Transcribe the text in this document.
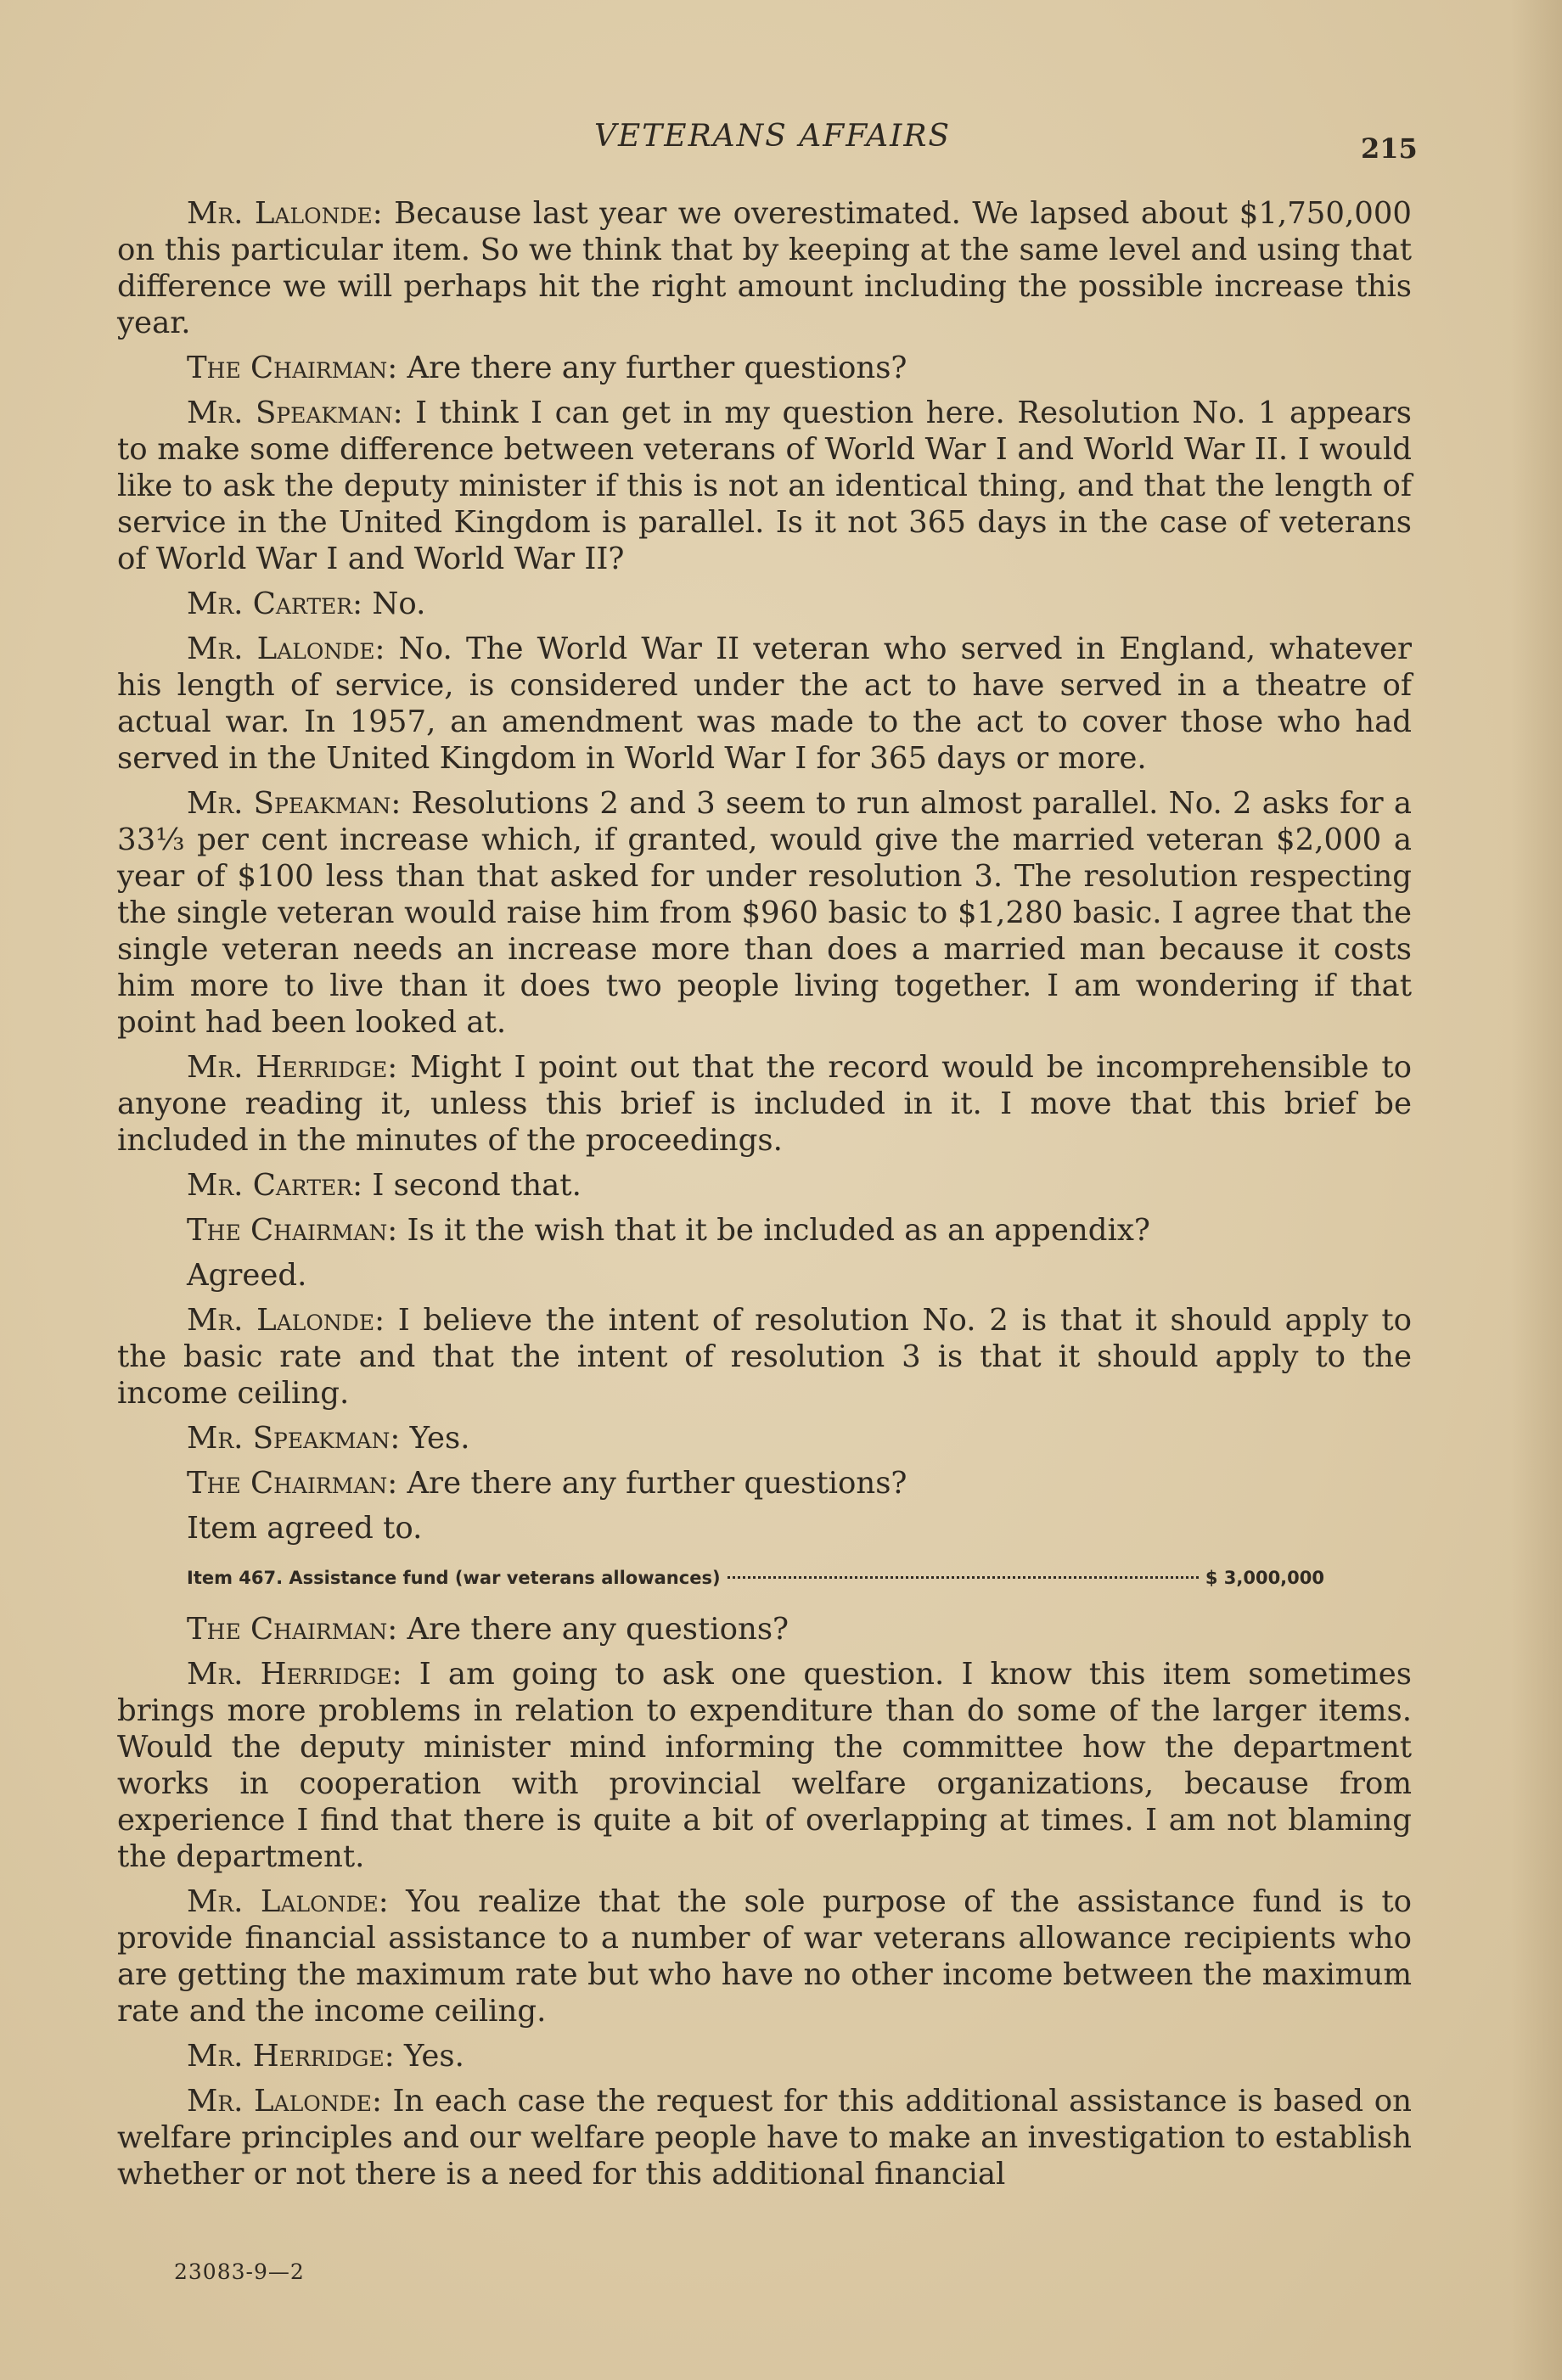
VETERANS AFFAIRS	215

Mr. Lalonde: Because last year we overestimated. We lapsed about $1,750,000 on this particular item. So we think that by keeping at the same level and using that difference we will perhaps hit the right amount including the possible increase this year.

The Chairman: Are there any further questions?

Mr. Speakman: I think I can get in my question here. Resolution No. 1 appears to make some difference between veterans of World War I and World War II. I would like to ask the deputy minister if this is not an identical thing, and that the length of service in the United Kingdom is parallel. Is it not 365 days in the case of veterans of World War I and World War II?

Mr. Carter: No.

Mr. Lalonde: No. The World War II veteran who served in England, whatever his length of service, is considered under the act to have served in a theatre of actual war. In 1957, an amendment was made to the act to cover those who had served in the United Kingdom in World War I for 365 days or more.

Mr. Speakman: Resolutions 2 and 3 seem to run almost parallel. No. 2 asks for a 33⅓ per cent increase which, if granted, would give the married veteran $2,000 a year of $100 less than that asked for under resolution 3. The resolution respecting the single veteran would raise him from $960 basic to $1,280 basic. I agree that the single veteran needs an increase more than does a married man because it costs him more to live than it does two people living together. I am wondering if that point had been looked at.

Mr. Herridge: Might I point out that the record would be incomprehensible to anyone reading it, unless this brief is included in it. I move that this brief be included in the minutes of the proceedings.

Mr. Carter: I second that.

The Chairman: Is it the wish that it be included as an appendix?

Agreed.

Mr. Lalonde: I believe the intent of resolution No. 2 is that it should apply to the basic rate and that the intent of resolution 3 is that it should apply to the income ceiling.

Mr. Speakman: Yes.

The Chairman: Are there any further questions?

Item agreed to.

Item 467. Assistance fund (war veterans allowances)	$ 3,000,000

The Chairman: Are there any questions?

Mr. Herridge: I am going to ask one question. I know this item sometimes brings more problems in relation to expenditure than do some of the larger items. Would the deputy minister mind informing the committee how the department works in cooperation with provincial welfare organizations, because from experience I find that there is quite a bit of overlapping at times. I am not blaming the department.

Mr. Lalonde: You realize that the sole purpose of the assistance fund is to provide financial assistance to a number of war veterans allowance recipients who are getting the maximum rate but who have no other income between the maximum rate and the income ceiling.

Mr. Herridge: Yes.

Mr. Lalonde: In each case the request for this additional assistance is based on welfare principles and our welfare people have to make an investigation to establish whether or not there is a need for this additional financial

23083-9—2
